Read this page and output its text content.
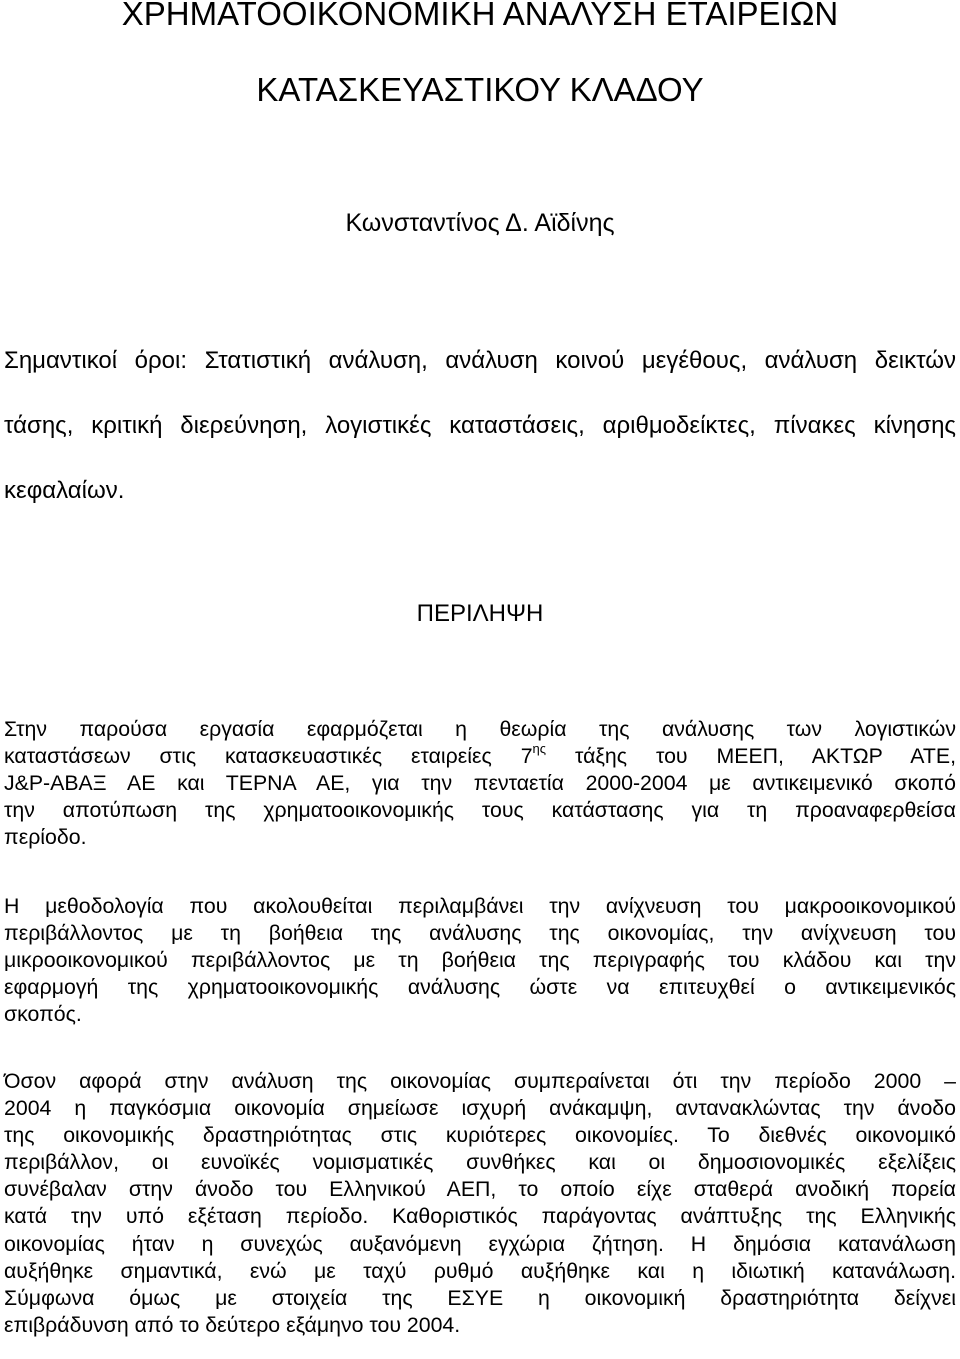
ΧΡΗΜΑΤΟΟΙΚΟΝΟΜΙΚΗ ΑΝΑΛΥΣΗ ΕΤΑΙΡΕΙΩΝ
ΚΑΤΑΣΚΕΥΑΣΤΙΚΟΥ ΚΛΑΔΟΥ
Κωνσταντίνος Δ. Αϊδίνης
Σημαντικοί όροι: Στατιστική ανάλυση, ανάλυση κοινού μεγέθους, ανάλυση δεικτών
τάσης, κριτική διερεύνηση, λογιστικές καταστάσεις, αριθμοδείκτες, πίνακες κίνησης
κεφαλαίων.
ΠΕΡΙΛΗΨΗ

Στην παρούσα εργασία εφαρμόζεται η θεωρία της ανάλυσης των λογιστικών
καταστάσεων στις κατασκευαστικές εταιρείες $7^{\eta\varsigma}$ τάξης του ΜΕΕΠ, ΑΚΤΩΡ ΑΤΕ,
J&P-ΑΒΑΞ ΑΕ και ΤΕΡΝΑ ΑΕ, για την πενταετία 2000-2004 με αντικειμενικό σκοπό
την αποτύπωση της χρηματοοικονομικής τους κατάστασης για τη προαναφερθείσα
περίοδο.

Η μεθοδολογία που ακολουθείται περιλαμβάνει την ανίχνευση του μακροοικονομικού
περιβάλλοντος με τη βοήθεια της ανάλυσης της οικονομίας, την ανίχνευση του
μικροοικονομικού περιβάλλοντος με τη βοήθεια της περιγραφής του κλάδου και την
εφαρμογή της χρηματοοικονομικής ανάλυσης ώστε να επιτευχθεί ο αντικειμενικός
σκοπός.

Όσον αφορά στην ανάλυση της οικονομίας συμπεραίνεται ότι την περίοδο 2000 –
2004 η παγκόσμια οικονομία σημείωσε ισχυρή ανάκαμψη, αντανακλώντας την άνοδο
της οικονομικής δραστηριότητας στις κυριότερες οικονομίες. Το διεθνές οικονομικό
περιβάλλον, οι ευνοϊκές νομισματικές συνθήκες και οι δημοσιονομικές εξελίξεις
συνέβαλαν στην άνοδο του Ελληνικού ΑΕΠ, το οποίο είχε σταθερά ανοδική πορεία
κατά την υπό εξέταση περίοδο. Καθοριστικός παράγοντας ανάπτυξης της Ελληνικής
οικονομίας ήταν η συνεχώς αυξανόμενη εγχώρια ζήτηση. Η δημόσια κατανάλωση
αυξήθηκε σημαντικά, ενώ με ταχύ ρυθμό αυξήθηκε και η ιδιωτική κατανάλωση.
Σύμφωνα όμως με στοιχεία της ΕΣΥΕ η οικονομική δραστηριότητα δείχνει
επιβράδυνση από το δεύτερο εξάμηνο του 2004.
